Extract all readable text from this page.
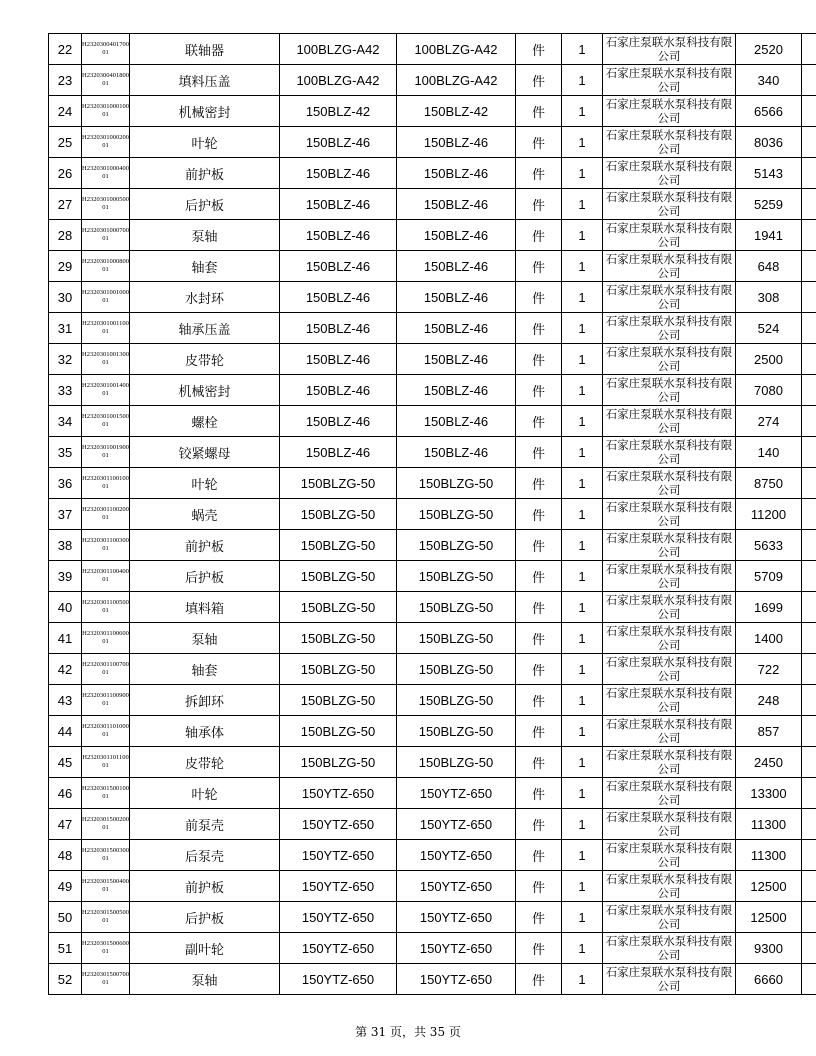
22	H232030040170001	联轴器	100BLZG-A42	100BLZG-A42	件	1	石家庄泵联水泵科技有限公司	2520	
23	H232030040180001	填料压盖	100BLZG-A42	100BLZG-A42	件	1	石家庄泵联水泵科技有限公司	340	
24	H232030100010001	机械密封	150BLZ-42	150BLZ-42	件	1	石家庄泵联水泵科技有限公司	6566	
25	H232030100020001	叶轮	150BLZ-46	150BLZ-46	件	1	石家庄泵联水泵科技有限公司	8036	
26	H232030100040001	前护板	150BLZ-46	150BLZ-46	件	1	石家庄泵联水泵科技有限公司	5143	
27	H232030100050001	后护板	150BLZ-46	150BLZ-46	件	1	石家庄泵联水泵科技有限公司	5259	
28	H232030100070001	泵轴	150BLZ-46	150BLZ-46	件	1	石家庄泵联水泵科技有限公司	1941	
29	H232030100080001	轴套	150BLZ-46	150BLZ-46	件	1	石家庄泵联水泵科技有限公司	648	
30	H232030100100001	水封环	150BLZ-46	150BLZ-46	件	1	石家庄泵联水泵科技有限公司	308	
31	H232030100110001	轴承压盖	150BLZ-46	150BLZ-46	件	1	石家庄泵联水泵科技有限公司	524	
32	H232030100130001	皮带轮	150BLZ-46	150BLZ-46	件	1	石家庄泵联水泵科技有限公司	2500	
33	H232030100140001	机械密封	150BLZ-46	150BLZ-46	件	1	石家庄泵联水泵科技有限公司	7080	
34	H232030100150001	螺栓	150BLZ-46	150BLZ-46	件	1	石家庄泵联水泵科技有限公司	274	
35	H232030100190001	铰紧螺母	150BLZ-46	150BLZ-46	件	1	石家庄泵联水泵科技有限公司	140	
36	H232030110010001	叶轮	150BLZG-50	150BLZG-50	件	1	石家庄泵联水泵科技有限公司	8750	
37	H232030110020001	蜗壳	150BLZG-50	150BLZG-50	件	1	石家庄泵联水泵科技有限公司	11200	
38	H232030110030001	前护板	150BLZG-50	150BLZG-50	件	1	石家庄泵联水泵科技有限公司	5633	
39	H232030110040001	后护板	150BLZG-50	150BLZG-50	件	1	石家庄泵联水泵科技有限公司	5709	
40	H232030110050001	填料箱	150BLZG-50	150BLZG-50	件	1	石家庄泵联水泵科技有限公司	1699	
41	H232030110060001	泵轴	150BLZG-50	150BLZG-50	件	1	石家庄泵联水泵科技有限公司	1400	
42	H232030110070001	轴套	150BLZG-50	150BLZG-50	件	1	石家庄泵联水泵科技有限公司	722	
43	H232030110090001	拆卸环	150BLZG-50	150BLZG-50	件	1	石家庄泵联水泵科技有限公司	248	
44	H232030110100001	轴承体	150BLZG-50	150BLZG-50	件	1	石家庄泵联水泵科技有限公司	857	
45	H232030110110001	皮带轮	150BLZG-50	150BLZG-50	件	1	石家庄泵联水泵科技有限公司	2450	
46	H232030150010001	叶轮	150YTZ-650	150YTZ-650	件	1	石家庄泵联水泵科技有限公司	13300	
47	H232030150020001	前泵壳	150YTZ-650	150YTZ-650	件	1	石家庄泵联水泵科技有限公司	11300	
48	H232030150030001	后泵壳	150YTZ-650	150YTZ-650	件	1	石家庄泵联水泵科技有限公司	11300	
49	H232030150040001	前护板	150YTZ-650	150YTZ-650	件	1	石家庄泵联水泵科技有限公司	12500	
50	H232030150050001	后护板	150YTZ-650	150YTZ-650	件	1	石家庄泵联水泵科技有限公司	12500	
51	H232030150060001	副叶轮	150YTZ-650	150YTZ-650	件	1	石家庄泵联水泵科技有限公司	9300	
52	H232030150070001	泵轴	150YTZ-650	150YTZ-650	件	1	石家庄泵联水泵科技有限公司	6660	
第 31 页，共 35 页
